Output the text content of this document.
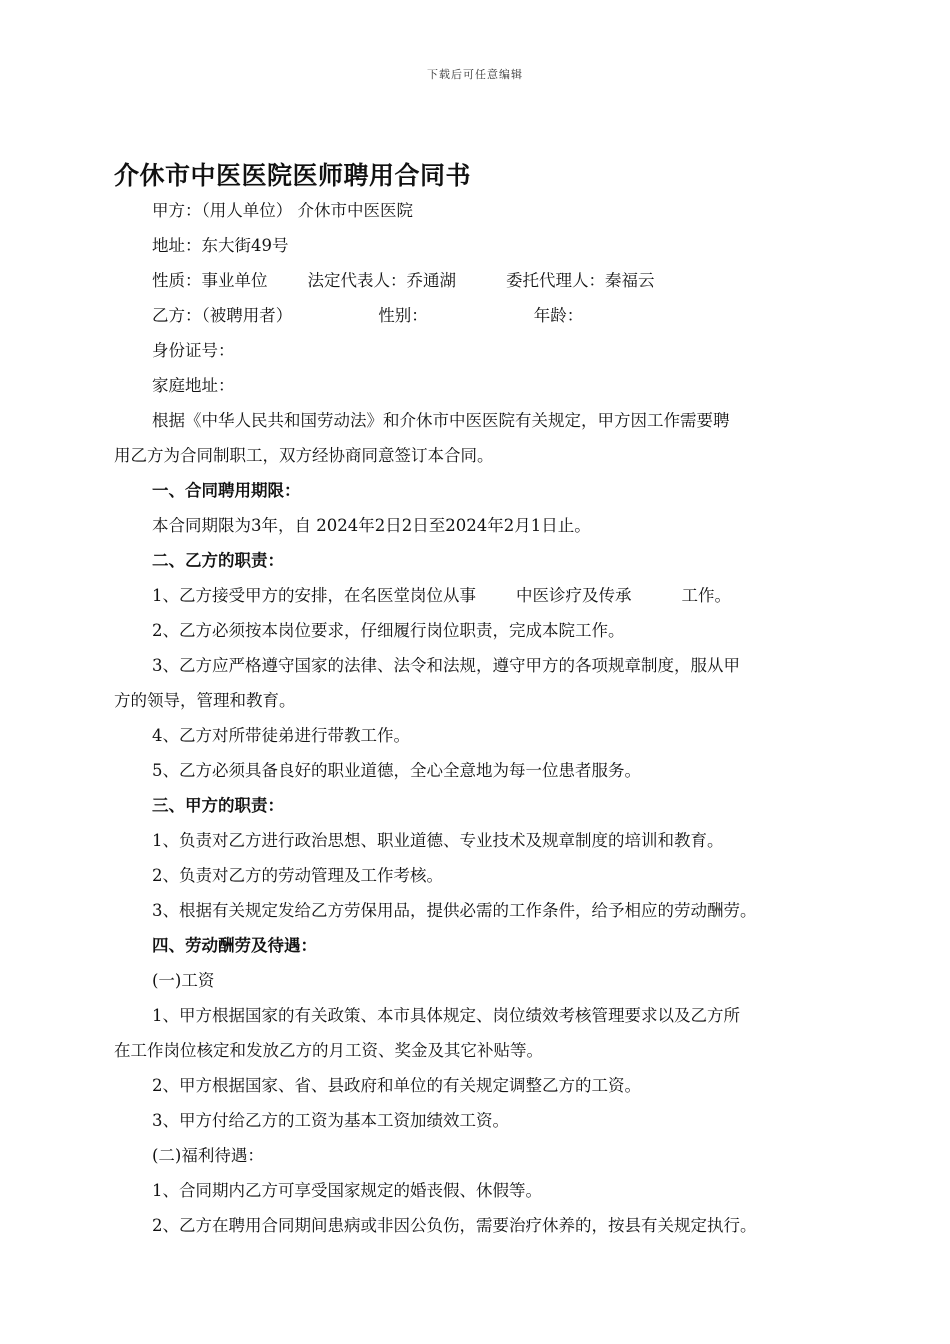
下载后可任意编辑
介休市中医医院医师聘用合同书
甲方：（用人单位） 介休市中医医院
地址：东大街49号
性质：事业单位 法定代表人：乔通湖	委托代理人：秦福云
乙方：（被聘用者）	性别：	年龄：
身份证号：
家庭地址：
根据《中华人民共和国劳动法》和介休市中医医院有关规定，甲方因工作需要聘
用乙方为合同制职工，双方经协商同意签订本合同。
一、合同聘用期限：
本合同期限为3年，自 2024年2日2日至2024年2月1日止。
二、乙方的职责：
1、乙方接受甲方的安排，在名医堂岗位从事 中医诊疗及传承	工作。
2、乙方必须按本岗位要求，仔细履行岗位职责，完成本院工作。
3、乙方应严格遵守国家的法律、法令和法规，遵守甲方的各项规章制度，服从甲
方的领导，管理和教育。
4、乙方对所带徒弟进行带教工作。
5、乙方必须具备良好的职业道德，全心全意地为每一位患者服务。
三、甲方的职责：
1、负责对乙方进行政治思想、职业道德、专业技术及规章制度的培训和教育。
2、负责对乙方的劳动管理及工作考核。
3、根据有关规定发给乙方劳保用品，提供必需的工作条件，给予相应的劳动酬劳。
四、劳动酬劳及待遇：
(一)工资
1、甲方根据国家的有关政策、本市具体规定、岗位绩效考核管理要求以及乙方所
在工作岗位核定和发放乙方的月工资、奖金及其它补贴等。
2、甲方根据国家、省、县政府和单位的有关规定调整乙方的工资。
3、甲方付给乙方的工资为基本工资加绩效工资。
(二)福利待遇：
1、合同期内乙方可享受国家规定的婚丧假、休假等。
2、乙方在聘用合同期间患病或非因公负伤，需要治疗休养的，按县有关规定执行。
